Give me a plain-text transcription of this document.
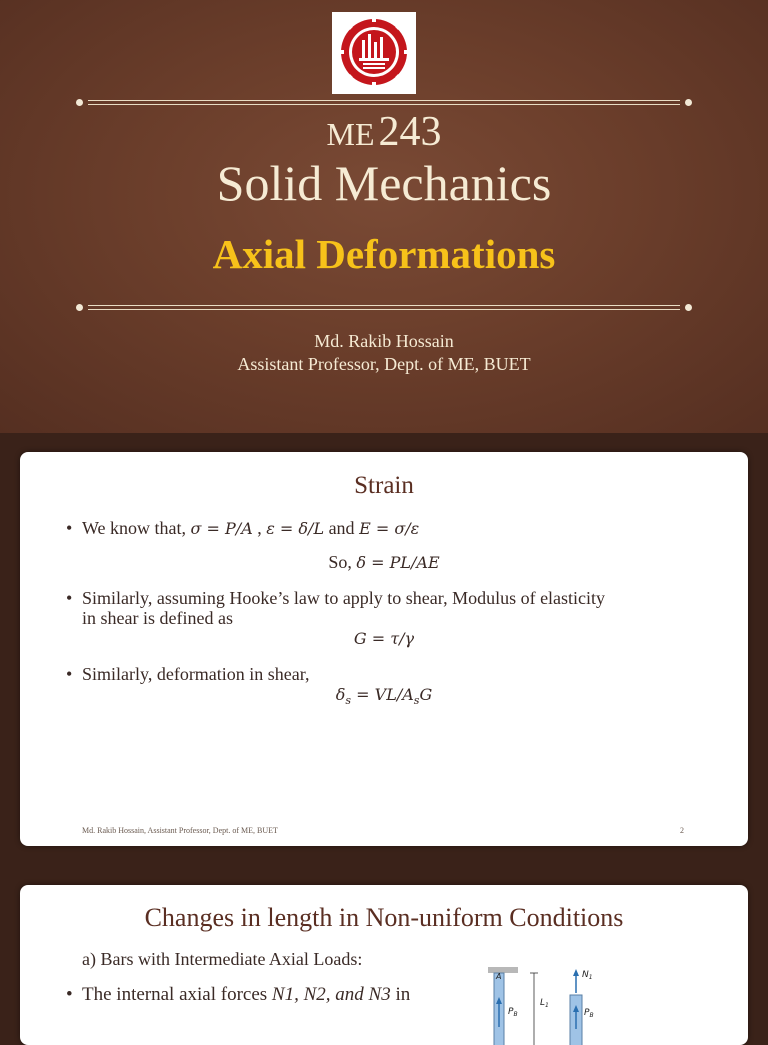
ME 243
Solid Mechanics
Axial Deformations
Md. Rakib Hossain
Assistant Professor, Dept. of ME, BUET
Strain
• We know that, σ = P/A , ε = δ/L and E = σ/ε
So, δ = PL/AE
• Similarly, assuming Hooke’s law to apply to shear, Modulus of elasticity
in shear is defined as
G = τ/γ
• Similarly, deformation in shear,
$\delta_s = VL/A_sG$
Md. Rakib Hossain, Assistant Professor, Dept. of ME, BUET	2
Changes in length in Non-uniform Conditions
a) Bars with Intermediate Axial Loads:
• The internal axial forces N1, N2, and N3 in
A
$P_B$
$L_1$
$N_1$
$P_B$
